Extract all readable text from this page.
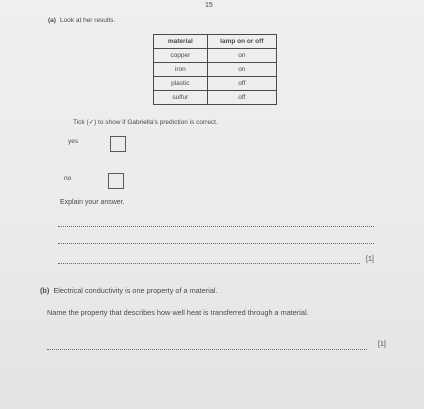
15
(a) Look at her results.
material	lamp on or off
copper	on
iron	on
plastic	off
sulfur	off
Tick (✓) to show if Gabriella's prediction is correct.
yes
no
Explain your answer.
[1]
(b) Electrical conductivity is one property of a material.
Name the property that describes how well heat is transferred through a material.
[1]
